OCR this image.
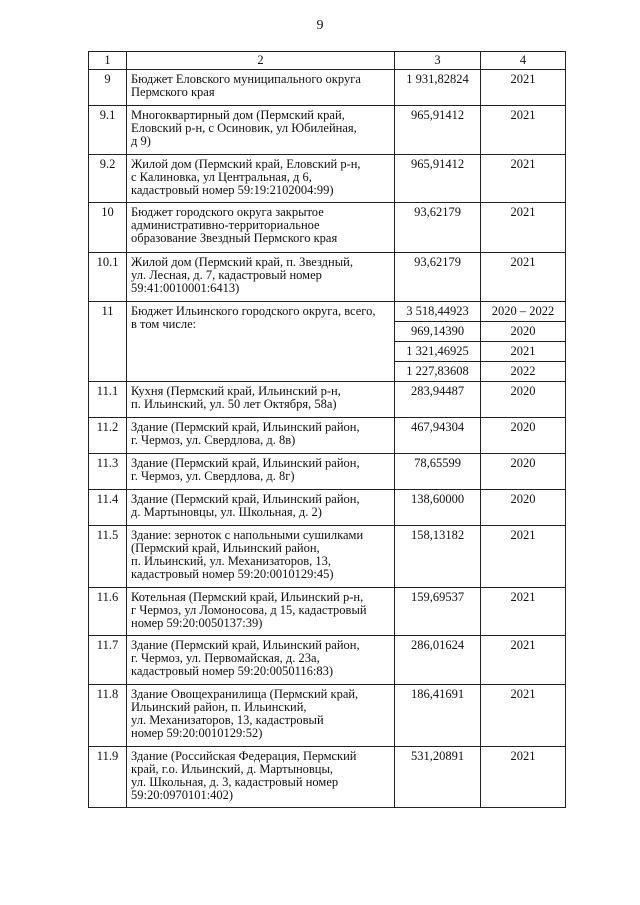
9
1	2	3	4
9	Бюджет Еловского муниципального округа
Пермского края	1 931,82824	2021
9.1	Многоквартирный дом (Пермский край,
Еловский р-н, с Осиновик, ул Юбилейная,
д 9)	965,91412	2021
9.2	Жилой дом (Пермский край, Еловский р-н,
с Калиновка, ул Центральная, д 6,
кадастровый номер 59:19:2102004:99)	965,91412	2021
10	Бюджет городского округа закрытое
административно-территориальное
образование Звездный Пермского края	93,62179	2021
10.1	Жилой дом (Пермский край, п. Звездный,
ул. Лесная, д. 7, кадастровый номер
59:41:0010001:6413)	93,62179	2021
11	Бюджет Ильинского городского округа, всего,
в том числе:	3 518,44923	2020 – 2022
		969,14390	2020
		1 321,46925	2021
		1 227,83608	2022
11.1	Кухня (Пермский край, Ильинский р-н,
п. Ильинский, ул. 50 лет Октября, 58а)	283,94487	2020
11.2	Здание (Пермский край, Ильинский район,
г. Чермоз, ул. Свердлова, д. 8в)	467,94304	2020
11.3	Здание (Пермский край, Ильинский район,
г. Чермоз, ул. Свердлова, д. 8г)	78,65599	2020
11.4	Здание (Пермский край, Ильинский район,
д. Мартыновцы, ул. Школьная, д. 2)	138,60000	2020
11.5	Здание: зерноток с напольными сушилками
(Пермский край, Ильинский район,
п. Ильинский, ул. Механизаторов, 13,
кадастровый номер 59:20:0010129:45)	158,13182	2021
11.6	Котельная (Пермский край, Ильинский р-н,
г Чермоз, ул Ломоносова, д 15, кадастровый
номер 59:20:0050137:39)	159,69537	2021
11.7	Здание (Пермский край, Ильинский район,
г. Чермоз, ул. Первомайская, д. 23а,
кадастровый номер 59:20:0050116:83)	286,01624	2021
11.8	Здание Овощехранилища (Пермский край,
Ильинский район, п. Ильинский,
ул. Механизаторов, 13, кадастровый
номер 59:20:0010129:52)	186,41691	2021
11.9	Здание (Российская Федерация, Пермский
край, г.о. Ильинский, д. Мартыновцы,
ул. Школьная, д. 3, кадастровый номер
59:20:0970101:402)	531,20891	2021
